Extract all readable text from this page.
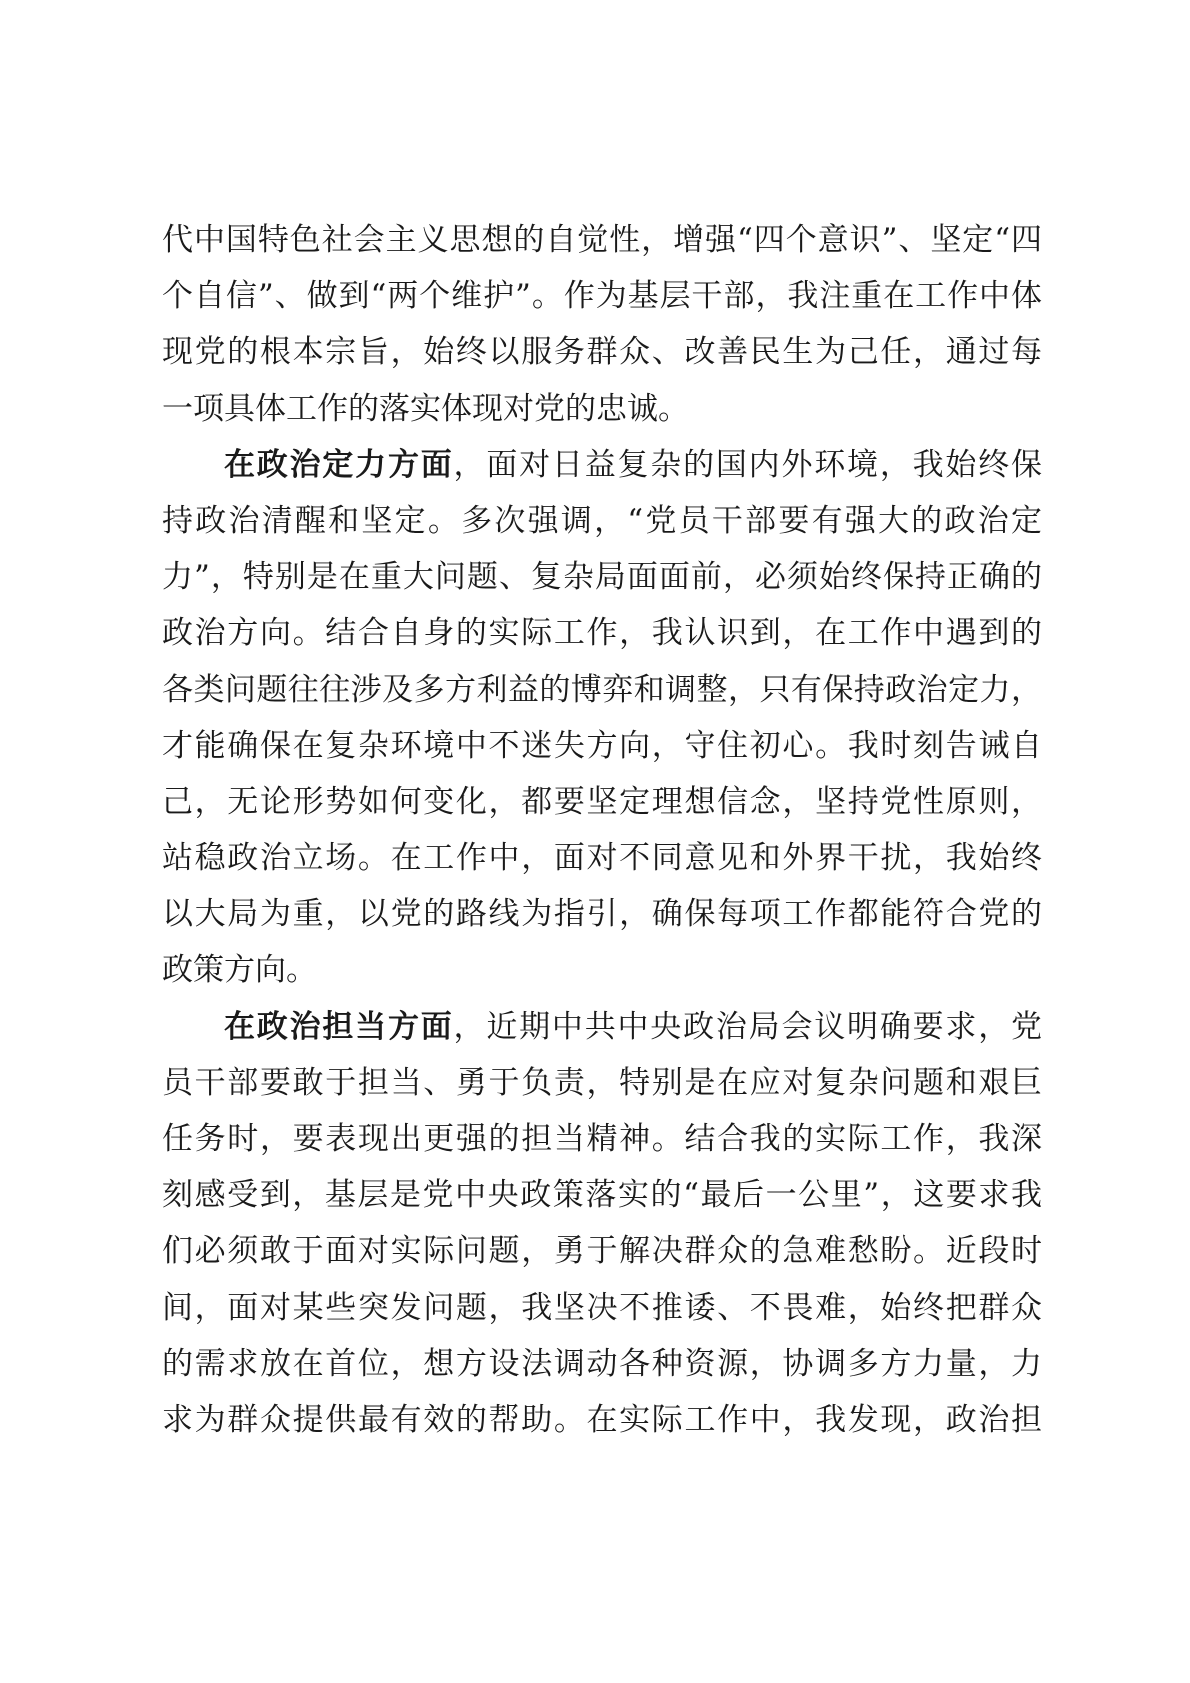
代中国特色社会主义思想的自觉性，增强“四个意识”、坚定“四
个自信”、做到“两个维护”。作为基层干部，我注重在工作中体
现党的根本宗旨，始终以服务群众、改善民生为己任，通过每
一项具体工作的落实体现对党的忠诚。
在政治定力方面，面对日益复杂的国内外环境，我始终保
持政治清醒和坚定。多次强调，“党员干部要有强大的政治定
力”，特别是在重大问题、复杂局面面前，必须始终保持正确的
政治方向。结合自身的实际工作，我认识到，在工作中遇到的
各类问题往往涉及多方利益的博弈和调整，只有保持政治定力，
才能确保在复杂环境中不迷失方向，守住初心。我时刻告诫自
己，无论形势如何变化，都要坚定理想信念，坚持党性原则，
站稳政治立场。在工作中，面对不同意见和外界干扰，我始终
以大局为重，以党的路线为指引，确保每项工作都能符合党的
政策方向。
在政治担当方面，近期中共中央政治局会议明确要求，党
员干部要敢于担当、勇于负责，特别是在应对复杂问题和艰巨
任务时，要表现出更强的担当精神。结合我的实际工作，我深
刻感受到，基层是党中央政策落实的“最后一公里”，这要求我
们必须敢于面对实际问题，勇于解决群众的急难愁盼。近段时
间，面对某些突发问题，我坚决不推诿、不畏难，始终把群众
的需求放在首位，想方设法调动各种资源，协调多方力量，力
求为群众提供最有效的帮助。在实际工作中，我发现，政治担
